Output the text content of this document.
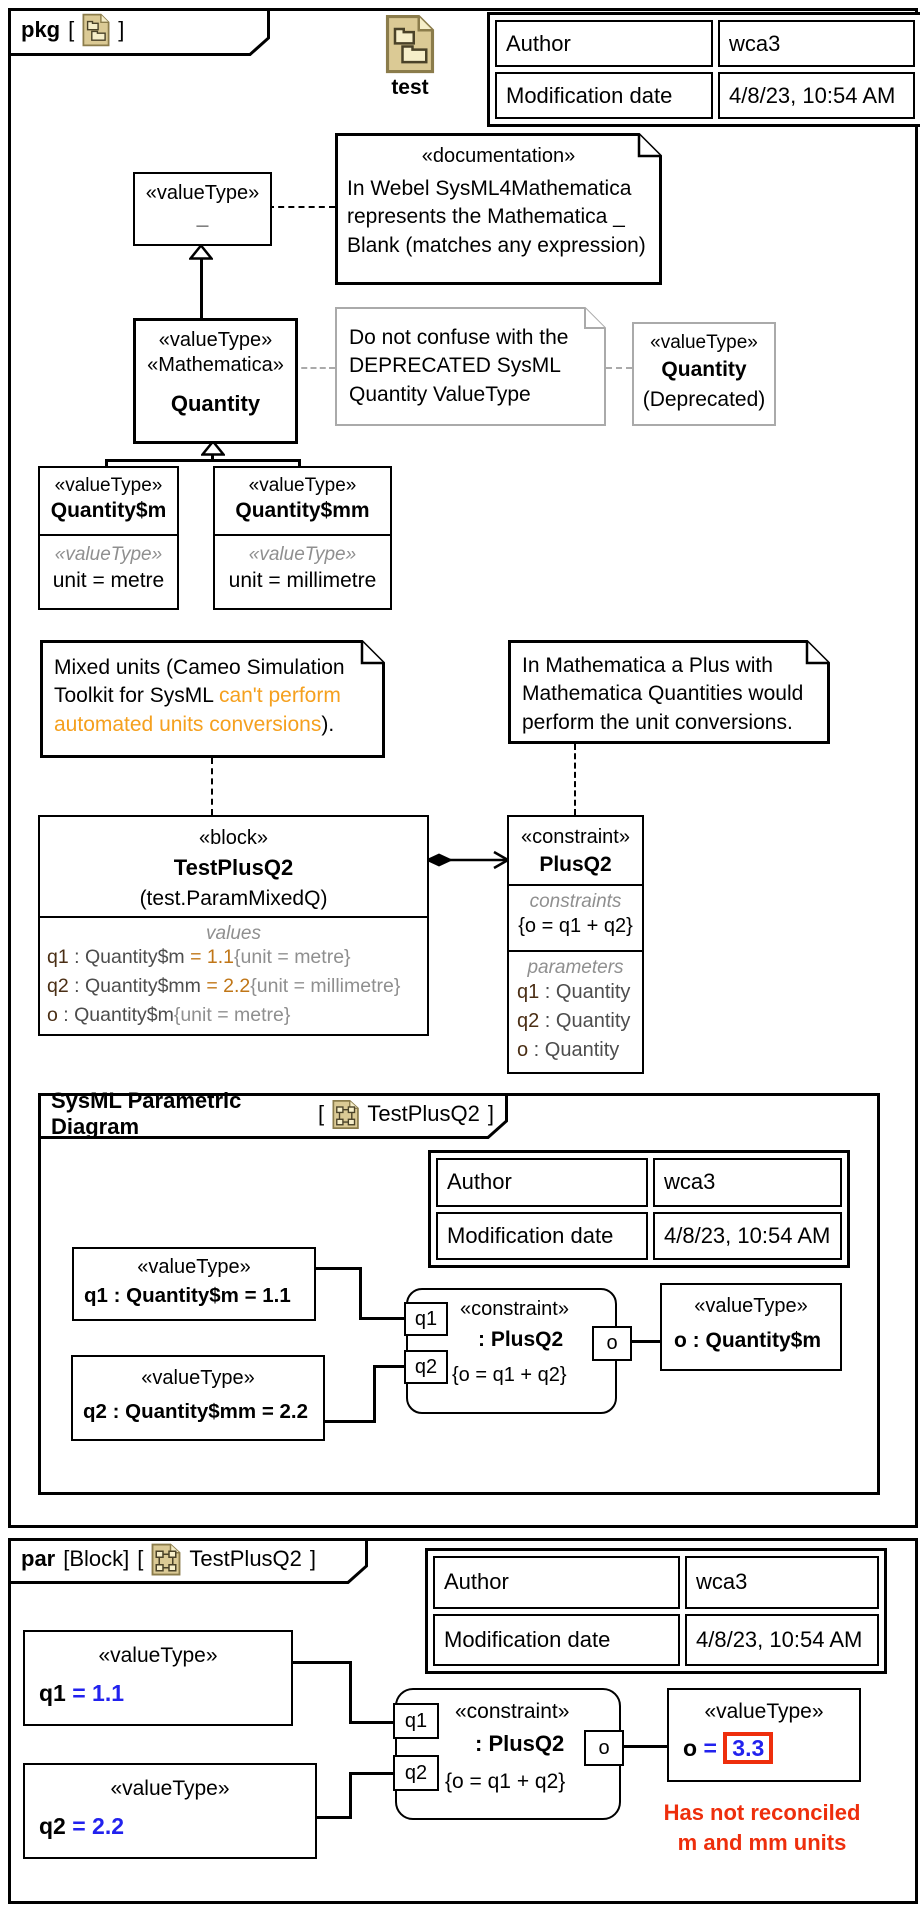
pkg [ ]
test
Author	wca3
Modification date	4/8/23, 10:54 AM
«valueType»
_
«documentation»
In Webel SysML4Mathematica represents the Mathematica _ Blank (matches any expression)
«valueType»
«Mathematica»
Quantity
Do not confuse with the DEPRECATED SysML Quantity ValueType
«valueType»
Quantity
(Deprecated)
«valueType»
Quantity$m
«valueType»
unit = metre
«valueType»
Quantity$mm
«valueType»
unit = millimetre
Mixed units (Cameo Simulation Toolkit for SysML can't perform automated units conversions).
In Mathematica a Plus with Mathematica Quantities would perform the unit conversions.
«block»
TestPlusQ2
(test.ParamMixedQ)
values
q1 : Quantity$m = 1.1{unit = metre}
q2 : Quantity$mm = 2.2{unit = millimetre}
o : Quantity$m{unit = metre}
«constraint»
PlusQ2
constraints
{o = q1 + q2}
parameters
q1 : Quantity
q2 : Quantity
o : Quantity
SysML Parametric Diagram
[ TestPlusQ2 ]
Author	wca3
Modification date	4/8/23, 10:54 AM
«valueType»
q1 : Quantity$m = 1.1
«valueType»
q2 : Quantity$mm = 2.2
«constraint»
: PlusQ2
{o = q1 + q2}
q1
q2
o
«valueType»
o : Quantity$m
par [Block] [ TestPlusQ2 ]
Author	wca3
Modification date	4/8/23, 10:54 AM
«valueType»
q1 = 1.1
«valueType»
q2 = 2.2
«constraint»
: PlusQ2
{o = q1 + q2}
q1
q2
o
«valueType»
o = 3.3
Has not reconciled
m and mm units
